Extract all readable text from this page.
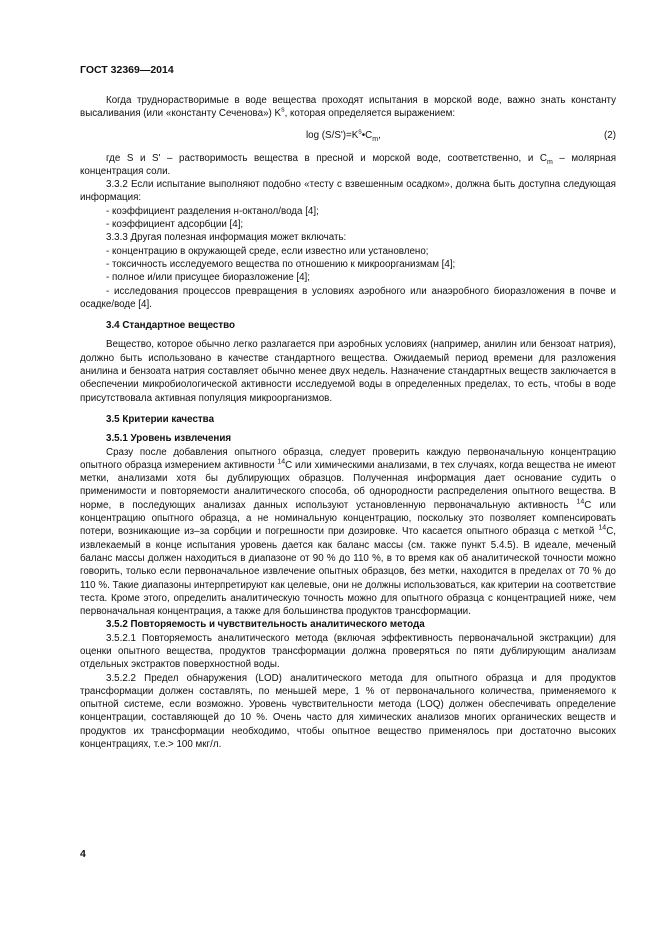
ГОСТ 32369—2014

Когда труднорастворимые в воде вещества проходят испытания в морской воде, важно знать константу высаливания (или «константу Сеченова») $K^s$, которая определяется выражением:

$\log (S/S')=K^s•C_m$,	(2)

где S и S' – растворимость вещества в пресной и морской воде, соответственно, и $C_m$ – молярная концентрация соли.

3.3.2 Если испытание выполняют подобно «тесту с взвешенным осадком», должна быть доступна следующая информация:

- коэффициент разделения н-октанол/вода [4];

- коэффициент адсорбции [4];

3.3.3 Другая полезная информация может включать:

- концентрацию в окружающей среде, если известно или установлено;

- токсичность исследуемого вещества по отношению к микроорганизмам [4];

- полное и/или присущее биоразложение [4];

- исследования процессов превращения в условиях аэробного или анаэробного биоразложения в почве и осадке/воде [4].

3.4 Стандартное вещество

Вещество, которое обычно легко разлагается при аэробных условиях (например, анилин или бензоат натрия), должно быть использовано в качестве стандартного вещества. Ожидаемый период времени для разложения анилина и бензоата натрия составляет обычно менее двух недель. Назначение стандартных веществ заключается в обеспечении микробиологической активности исследуемой воды в определенных пределах, то есть, чтобы в воде присутствовала активная популяция микроорганизмов.

3.5 Критерии качества

3.5.1 Уровень извлечения

Сразу после добавления опытного образца, следует проверить каждую первоначальную концентрацию опытного образца измерением активности $^{14}$C или химическими анализами, в тех случаях, когда вещества не имеют метки, анализами хотя бы дублирующих образцов. Полученная информация дает основание судить о применимости и повторяемости аналитического способа, об однородности распределения опытного вещества. В норме, в последующих анализах данных используют установленную первоначальную активность $^{14}$C или концентрацию опытного образца, а не номинальную концентрацию, поскольку это позволяет компенсировать потери, возникающие из–за сорбции и погрешности при дозировке. Что касается опытного образца с меткой $^{14}$C, извлекаемый в конце испытания уровень дается как баланс массы (см. также пункт 5.4.5). В идеале, меченый баланс массы должен находиться в диапазоне от 90 % до 110 %, в то время как об аналитической точности можно говорить, только если первоначальное извлечение опытных образцов, без метки, находится в пределах от 70 % до 110 %. Такие диапазоны интерпретируют как целевые, они не должны использоваться, как критерии на соответствие теста. Кроме этого, определить аналитическую точность можно для опытного образца с концентрацией ниже, чем первоначальная концентрация, а также для большинства продуктов трансформации.

3.5.2 Повторяемость и чувствительность аналитического метода

3.5.2.1 Повторяемость аналитического метода (включая эффективность первоначальной экстракции) для оценки опытного вещества, продуктов трансформации должна проверяться по пяти дублирующим анализам отдельных экстрактов поверхностной воды.

3.5.2.2 Предел обнаружения (LOD) аналитического метода для опытного образца и для продуктов трансформации должен составлять, по меньшей мере, 1 % от первоначального количества, применяемого к опытной системе, если возможно. Уровень чувствительности метода (LOQ) должен обеспечивать определение концентрации, составляющей до 10 %. Очень часто для химических анализов многих органических веществ и продуктов их трансформации необходимо, чтобы опытное вещество применялось при достаточно высоких концентрациях, т.е.> 100 мкг/л.

4
